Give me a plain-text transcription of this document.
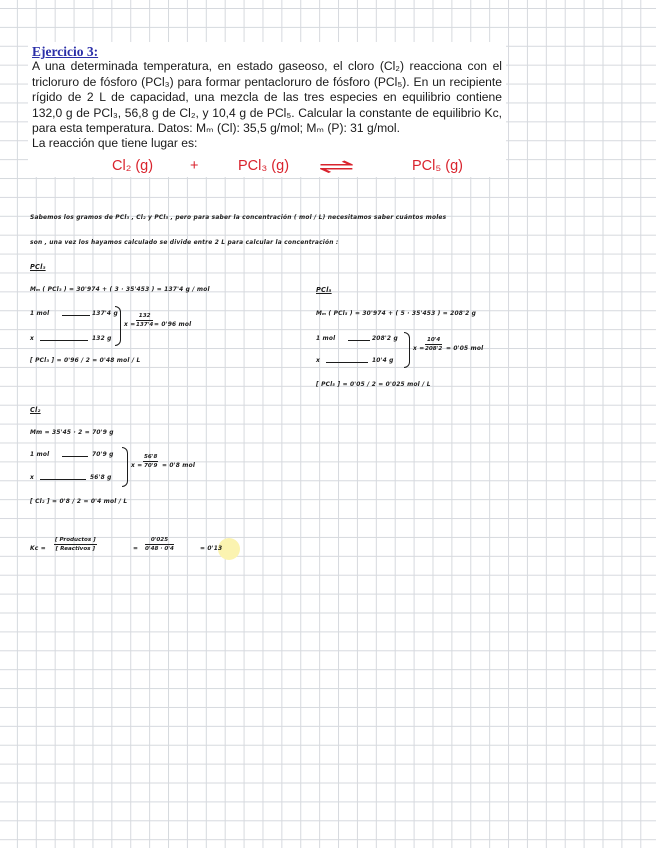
Ejercicio 3:
A una determinada temperatura, en estado gaseoso, el cloro (Cl₂) reacciona con el tricloruro de fósforo (PCl₃) para formar pentacloruro de fósforo (PCl₅). En un recipiente rígido de 2 L de capacidad, una mezcla de las tres especies en equilibrio contiene 132,0 g de PCl₃, 56,8 g de Cl₂, y 10,4 g de PCl₅. Calcular la constante de equilibrio Kc, para esta temperatura. Datos: Mₘ (Cl): 35,5 g/mol; Mₘ (P): 31 g/mol.
La reacción que tiene lugar es:
Cl₂ (g)	+	PCl₃ (g) ⇌	PCl₅ (g)
Sabemos los gramos de PCl₃ , Cl₂ y PCl₅ , pero para saber la concentración ( mol / L) necesitamos saber cuántos moles
son , una vez los hayamos calculado se divide entre 2 L para calcular la concentración :
PCl₃
Mₘ ( PCl₃ ) = 30'974 + ( 3 · 35'453 ) = 137'4 g / mol
1 mol	137'4 g
x	132 g
$x = \frac{132}{137'4} = 0'96$ mol
[ PCl₃ ] = 0'96 / 2 = 0'48 mol / L
PCl₅
Mₘ ( PCl₅ ) = 30'974 + ( 5 · 35'453 ) = 208'2 g
1 mol	208'2 g
x	10'4 g
$x = \frac{10'4}{208'2} = 0'05$ mol
[ PCl₅ ] = 0'05 / 2 = 0'025 mol / L
Cl₂
Mm = 35'45 · 2 = 70'9 g
1 mol	70'9 g
x	56'8 g
$x = \frac{56'8}{70'9} = 0'8$ mol
[ Cl₂ ] = 0'8 / 2 = 0'4 mol / L
Kc =
[ Productos ]
[ Reactivos ]	= $\frac{0'025}{0'48 \cdot 0'4}$	= 0'13
